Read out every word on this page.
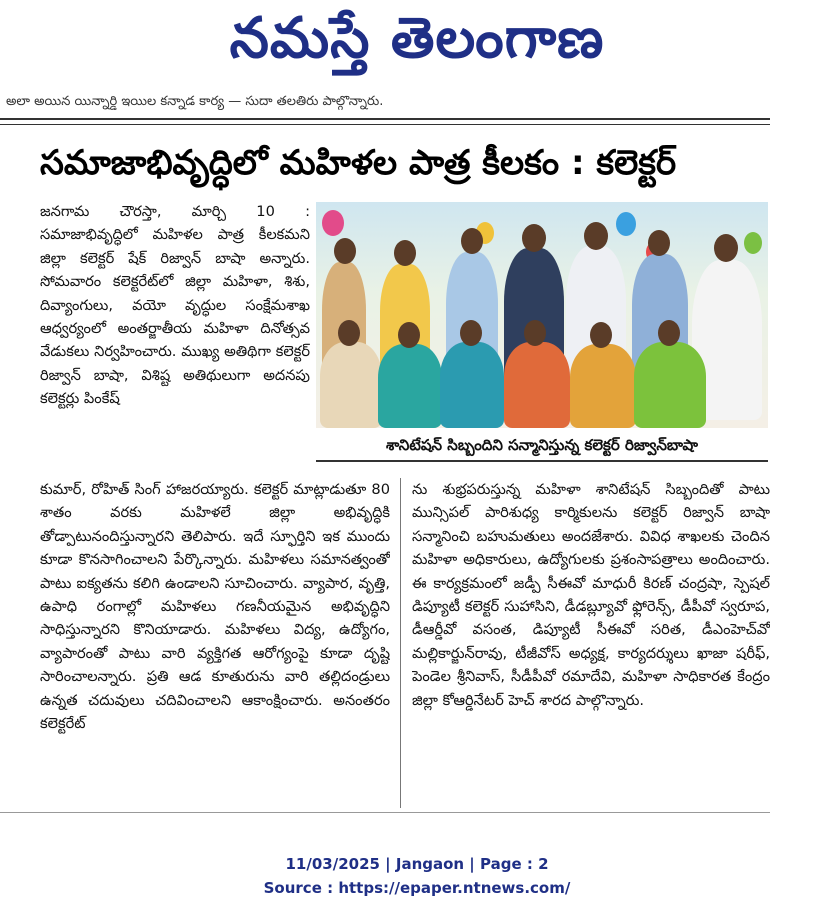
నమస్తే తెలంగాణ
అలా అయిన యిన్నార్డి ఇయిల కన్నాడ కార్య — సుదా తలతిరు పాల్గొన్నారు.
సమాజాభివృద్ధిలో మహిళల పాత్ర కీలకం : కలెక్టర్
జనగామ చౌరస్తా, మార్చి 10 : సమాజాభివృద్ధిలో మహిళల పాత్ర కీలకమని జిల్లా కలెక్టర్ షేక్ రిజ్వాన్ బాషా అన్నారు. సోమవారం కలెక్టరేట్‌లో జిల్లా మహిళా, శిశు, దివ్యాంగులు, వయో వృద్ధుల సంక్షేమశాఖ ఆధ్వర్యంలో అంతర్జాతీయ మహిళా దినోత్సవ వేడుకలు నిర్వహించారు. ముఖ్య అతిథిగా కలెక్టర్ రిజ్వాన్ బాషా, విశిష్ట అతిథులుగా అదనపు కలెక్టర్లు పింకేష్
శానిటేషన్ సిబ్బందిని సన్మానిస్తున్న కలెక్టర్ రిజ్వాన్‌బాషా
కుమార్, రోహిత్ సింగ్ హాజరయ్యారు. కలెక్టర్ మాట్లాడుతూ 80 శాతం వరకు మహిళలే జిల్లా అభివృద్ధికి తోడ్పాటునందిస్తున్నారని తెలిపారు. ఇదే స్ఫూర్తిని ఇక ముందు కూడా కొనసాగించాలని పేర్కొన్నారు. మహిళలు సమానత్వంతో పాటు ఐక్యతను కలిగి ఉండాలని సూచించారు. వ్యాపార, వృత్తి, ఉపాధి రంగాల్లో మహిళలు గణనీయమైన అభివృద్ధిని సాధిస్తున్నారని కొనియాడారు. మహిళలు విద్య, ఉద్యోగం, వ్యాపారంతో పాటు వారి వ్యక్తిగత ఆరోగ్యంపై కూడా దృష్టి సారించాలన్నారు. ప్రతి ఆడ కూతురును వారి తల్లిదండ్రులు ఉన్నత చదువులు చదివించాలని ఆకాంక్షించారు. అనంతరం కలెక్టరేట్
ను శుభ్రపరుస్తున్న మహిళా శానిటేషన్ సిబ్బందితో పాటు మున్సిపల్ పారిశుధ్య కార్మికులను కలెక్టర్ రిజ్వాన్ బాషా సన్మానించి బహుమతులు అందజేశారు. వివిధ శాఖలకు చెందిన మహిళా అధికారులు, ఉద్యోగులకు ప్రశంసాపత్రాలు అందించారు. ఈ కార్యక్రమంలో జడ్పీ సీఈవో మాధురీ కిరణ్ చంద్రషా, స్పెషల్ డిప్యూటీ కలెక్టర్ సుహాసిని, డీడబ్ల్యూవో ఫ్లోరెన్స్, డీపీవో స్వరూప, డీఆర్డీవో వసంత, డిప్యూటీ సీఈవో సరిత, డీఎంహెచ్‌వో మల్లికార్జున్‌రావు, టీజీవోస్ అధ్యక్ష, కార్యదర్శులు ఖాజా షరీఫ్, పెండెల శ్రీనివాస్, సీడీపీవో రమాదేవి, మహిళా సాధికారత కేంద్రం జిల్లా కోఆర్డినేటర్ హెచ్ శారద పాల్గొన్నారు.
11/03/2025 | Jangaon | Page : 2
Source : https://epaper.ntnews.com/
